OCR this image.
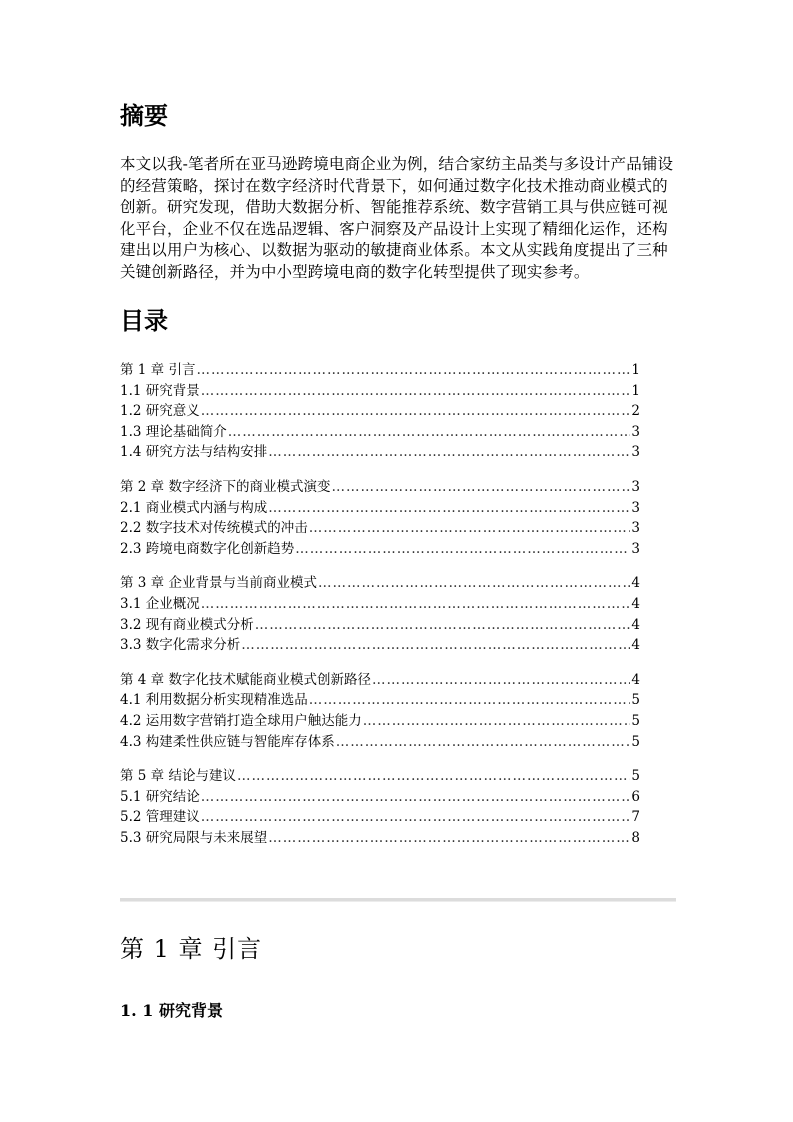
摘要

本文以我-笔者所在亚马逊跨境电商企业为例，结合家纺主品类与多设计产品铺设的经营策略，探讨在数字经济时代背景下，如何通过数字化技术推动商业模式的创新。研究发现，借助大数据分析、智能推荐系统、数字营销工具与供应链可视化平台，企业不仅在选品逻辑、客户洞察及产品设计上实现了精细化运作，还构建出以用户为核心、以数据为驱动的敏捷商业体系。本文从实践角度提出了三种关键创新路径，并为中小型跨境电商的数字化转型提供了现实参考。

目录
第 1 章 引言 ……………………………………………………………………………………………………………………………………………………	1
1.1 研究背景 ……………………………………………………………………………………………………………………………………………………	1
1.2 研究意义 ……………………………………………………………………………………………………………………………………………………	2
1.3 理论基础简介 ……………………………………………………………………………………………………………………………………………………	3
1.4 研究方法与结构安排 ……………………………………………………………………………………………………………………………………………………	3
第 2 章 数字经济下的商业模式演变 ……………………………………………………………………………………………………………………………………………………	3
2.1 商业模式内涵与构成 ……………………………………………………………………………………………………………………………………………………	3
2.2 数字技术对传统模式的冲击 ……………………………………………………………………………………………………………………………………………………	3
2.3 跨境电商数字化创新趋势 ……………………………………………………………………………………………………………………………………………………	3
第 3 章 企业背景与当前商业模式 ……………………………………………………………………………………………………………………………………………………	4
3.1 企业概况 ……………………………………………………………………………………………………………………………………………………	4
3.2 现有商业模式分析 ……………………………………………………………………………………………………………………………………………………	4
3.3 数字化需求分析 ……………………………………………………………………………………………………………………………………………………	4
第 4 章 数字化技术赋能商业模式创新路径 ……………………………………………………………………………………………………………………………………………………	4
4.1 利用数据分析实现精准选品 ……………………………………………………………………………………………………………………………………………………	5
4.2 运用数字营销打造全球用户触达能力 ……………………………………………………………………………………………………………………………………………………	5
4.3 构建柔性供应链与智能库存体系 ……………………………………………………………………………………………………………………………………………………	5
第 5 章 结论与建议 ……………………………………………………………………………………………………………………………………………………	5
5.1 研究结论 ……………………………………………………………………………………………………………………………………………………	6
5.2 管理建议 ……………………………………………………………………………………………………………………………………………………	7
5.3 研究局限与未来展望 ……………………………………………………………………………………………………………………………………………………	8
第 1 章 引言
1. 1 研究背景
